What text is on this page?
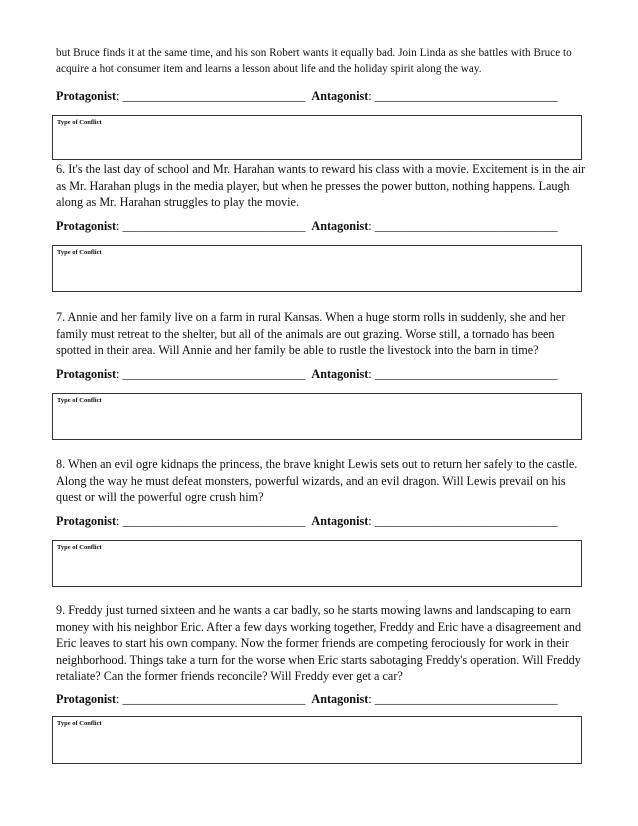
but Bruce finds it at the same time, and his son Robert wants it equally bad. Join Linda as she battles with Bruce to acquire a hot consumer item and learns a lesson about life and the holiday spirit along the way.
Protagonist: ______________________________ Antagonist: ______________________________
Type of Conflict
6. It's the last day of school and Mr. Harahan wants to reward his class with a movie. Excitement is in the air as Mr. Harahan plugs in the media player, but when he presses the power button, nothing happens. Laugh along as Mr. Harahan struggles to play the movie.
Protagonist: ______________________________ Antagonist: ______________________________
Type of Conflict
7. Annie and her family live on a farm in rural Kansas. When a huge storm rolls in suddenly, she and her family must retreat to the shelter, but all of the animals are out grazing. Worse still, a tornado has been spotted in their area. Will Annie and her family be able to rustle the livestock into the barn in time?
Protagonist: ______________________________ Antagonist: ______________________________
Type of Conflict
8. When an evil ogre kidnaps the princess, the brave knight Lewis sets out to return her safely to the castle. Along the way he must defeat monsters, powerful wizards, and an evil dragon. Will Lewis prevail on his quest or will the powerful ogre crush him?
Protagonist: ______________________________ Antagonist: ______________________________
Type of Conflict
9. Freddy just turned sixteen and he wants a car badly, so he starts mowing lawns and landscaping to earn money with his neighbor Eric. After a few days working together, Freddy and Eric have a disagreement and Eric leaves to start his own company. Now the former friends are competing ferociously for work in their neighborhood. Things take a turn for the worse when Eric starts sabotaging Freddy's operation. Will Freddy retaliate? Can the former friends reconcile? Will Freddy ever get a car?
Protagonist: ______________________________ Antagonist: ______________________________
Type of Conflict
